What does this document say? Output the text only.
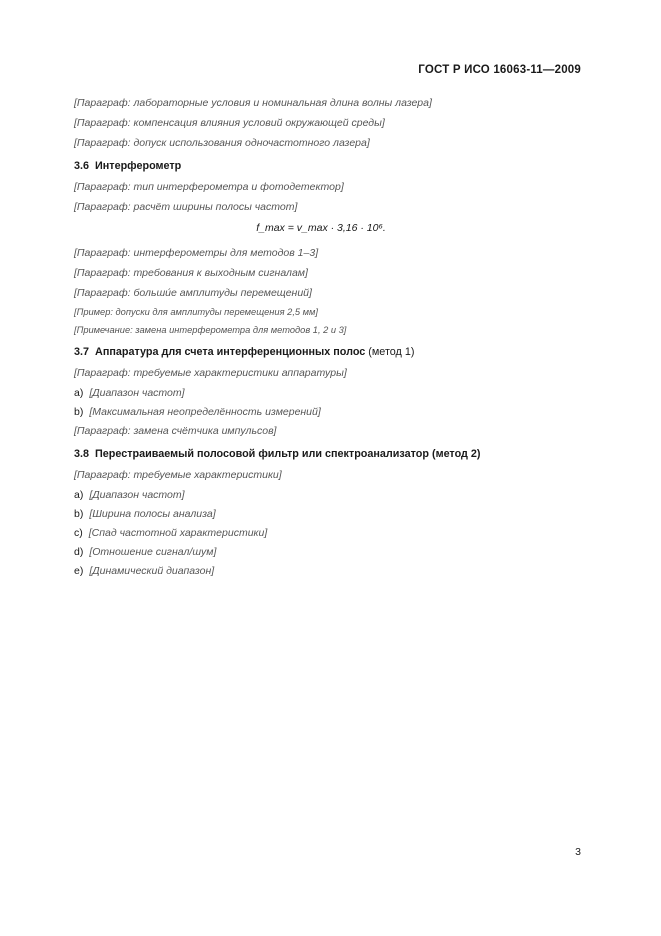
ГОСТ Р ИСО 16063-11—2009

[Параграф: лабораторные условия и номинальная длина волны лазера]

[Параграф: компенсация влияния условий окружающей среды]

[Параграф: допуск использования одночастотного лазера]

3.6 Интерферометр

[Параграф: тип интерферометра и фотодетектор]

[Параграф: расчёт ширины полосы частот]

f_max = v_max · 3,16 · 10⁶.

[Параграф: интерферометры для методов 1–3]

[Параграф: требования к выходным сигналам]

[Параграф: больши́е амплитуды перемещений]

[Пример: допуски для амплитуды перемещения 2,5 мм]

[Примечание: замена интерферометра для методов 1, 2 и 3]

3.7 Аппаратура для счета интерференционных полос (метод 1)

[Параграф: требуемые характеристики аппаратуры]

a) [Диапазон частот]
b) [Максимальная неопределённость измерений]

[Параграф: замена счётчика импульсов]

3.8 Перестраиваемый полосовой фильтр или спектроанализатор (метод 2)

[Параграф: требуемые характеристики]

a) [Диапазон частот]
b) [Ширина полосы анализа]
c) [Спад частотной характеристики]
d) [Отношение сигнал/шум]
e) [Динамический диапазон]
3
